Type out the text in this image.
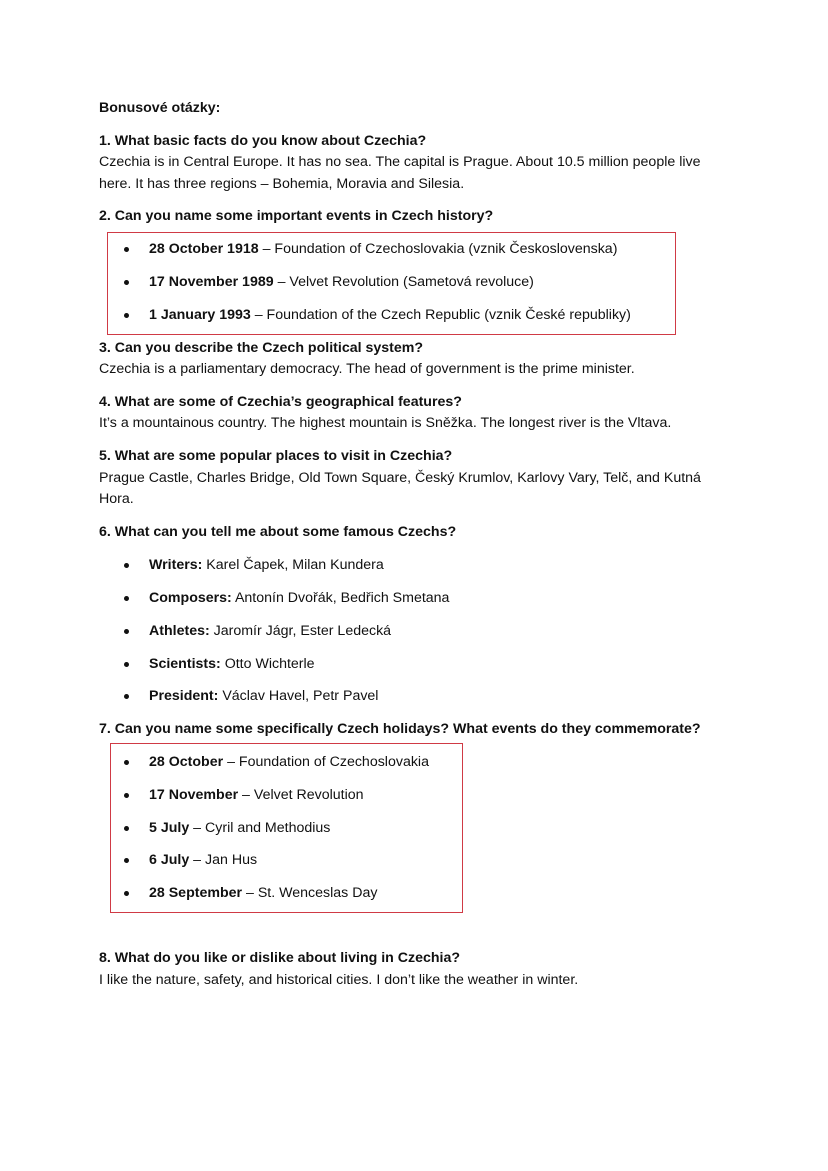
Bonusové otázky:
1. What basic facts do you know about Czechia?
Czechia is in Central Europe. It has no sea. The capital is Prague. About 10.5 million people live
here. It has three regions – Bohemia, Moravia and Silesia.
2. Can you name some important events in Czech history?
28 October 1918 – Foundation of Czechoslovakia (vznik Československa)
17 November 1989 – Velvet Revolution (Sametová revoluce)
1 January 1993 – Foundation of the Czech Republic (vznik České republiky)
3. Can you describe the Czech political system?
Czechia is a parliamentary democracy. The head of government is the prime minister.
4. What are some of Czechia’s geographical features?
It’s a mountainous country. The highest mountain is Sněžka. The longest river is the Vltava.
5. What are some popular places to visit in Czechia?
Prague Castle, Charles Bridge, Old Town Square, Český Krumlov, Karlovy Vary, Telč, and Kutná
Hora.
6. What can you tell me about some famous Czechs?
Writers: Karel Čapek, Milan Kundera
Composers: Antonín Dvořák, Bedřich Smetana
Athletes: Jaromír Jágr, Ester Ledecká
Scientists: Otto Wichterle
President: Václav Havel, Petr Pavel
7. Can you name some specifically Czech holidays? What events do they commemorate?
28 October – Foundation of Czechoslovakia
17 November – Velvet Revolution
5 July – Cyril and Methodius
6 July – Jan Hus
28 September – St. Wenceslas Day
8. What do you like or dislike about living in Czechia?
I like the nature, safety, and historical cities. I don’t like the weather in winter.
